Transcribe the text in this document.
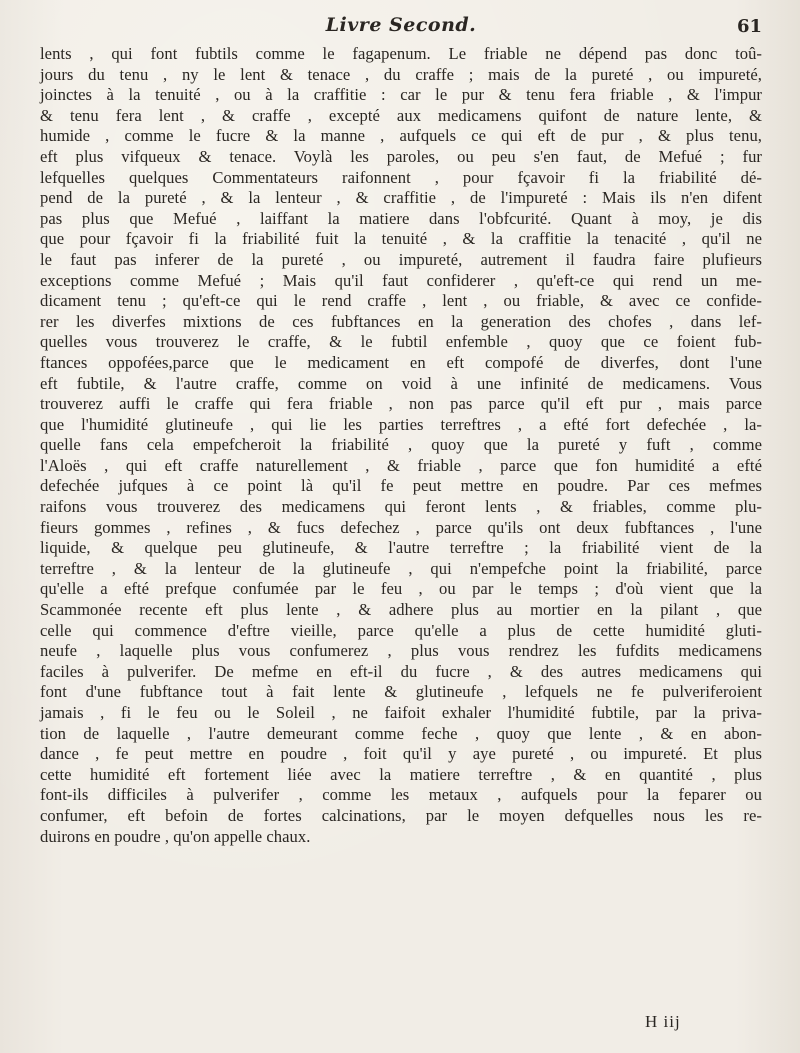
Livre Second.	61
lents , qui font fubtils comme le fagapenum. Le friable ne dépend pas donc toû-
jours du tenu , ny le lent & tenace , du craffe ; mais de la pureté , ou impureté,
joinctes à la tenuité , ou à la craffitie : car le pur & tenu fera friable , & l'impur
& tenu fera lent , & craffe , excepté aux medicamens quifont de nature lente, &
humide , comme le fucre & la manne , aufquels ce qui eft de pur , & plus tenu,
eft plus vifqueux & tenace. Voylà les paroles, ou peu s'en faut, de Mefué ; fur
lefquelles quelques Commentateurs raifonnent , pour fçavoir fi la friabilité dé-
pend de la pureté , & la lenteur , & craffitie , de l'impureté : Mais ils n'en difent
pas plus que Mefué , laiffant la matiere dans l'obfcurité. Quant à moy, je dis
que pour fçavoir fi la friabilité fuit la tenuité , & la craffitie la tenacité , qu'il ne
le faut pas inferer de la pureté , ou impureté, autrement il faudra faire plufieurs
exceptions comme Mefué ; Mais qu'il faut confiderer , qu'eft-ce qui rend un me-
dicament tenu ; qu'eft-ce qui le rend craffe , lent , ou friable, & avec ce confide-
rer les diverfes mixtions de ces fubftances en la generation des chofes , dans lef-
quelles vous trouverez le craffe, & le fubtil enfemble , quoy que ce foient fub-
ftances oppofées,parce que le medicament en eft compofé de diverfes, dont l'une
eft fubtile, & l'autre craffe, comme on void à une infinité de medicamens. Vous
trouverez auffi le craffe qui fera friable , non pas parce qu'il eft pur , mais parce
que l'humidité glutineufe , qui lie les parties terreftres , a efté fort defechée , la-
quelle fans cela empefcheroit la friabilité , quoy que la pureté y fuft , comme
l'Aloës , qui eft craffe naturellement , & friable , parce que fon humidité a efté
defechée jufques à ce point là qu'il fe peut mettre en poudre. Par ces mefmes
raifons vous trouverez des medicamens qui feront lents , & friables, comme plu-
fieurs gommes , refines , & fucs defechez , parce qu'ils ont deux fubftances , l'une
liquide, & quelque peu glutineufe, & l'autre terreftre ; la friabilité vient de la
terreftre , & la lenteur de la glutineufe , qui n'empefche point la friabilité, parce
qu'elle a efté prefque confumée par le feu , ou par le temps ; d'où vient que la
Scammonée recente eft plus lente , & adhere plus au mortier en la pilant , que
celle qui commence d'eftre vieille, parce qu'elle a plus de cette humidité gluti-
neufe , laquelle plus vous confumerez , plus vous rendrez les fufdits medicamens
faciles à pulverifer. De mefme en eft-il du fucre , & des autres medicamens qui
font d'une fubftance tout à fait lente & glutineufe , lefquels ne fe pulveriferoient
jamais , fi le feu ou le Soleil , ne faifoit exhaler l'humidité fubtile, par la priva-
tion de laquelle , l'autre demeurant comme feche , quoy que lente , & en abon-
dance , fe peut mettre en poudre , foit qu'il y aye pureté , ou impureté. Et plus
cette humidité eft fortement liée avec la matiere terreftre , & en quantité , plus
font-ils difficiles à pulverifer , comme les metaux , aufquels pour la feparer ou
confumer, eft befoin de fortes calcinations, par le moyen defquelles nous les re-
duirons en poudre , qu'on appelle chaux.
H iij
